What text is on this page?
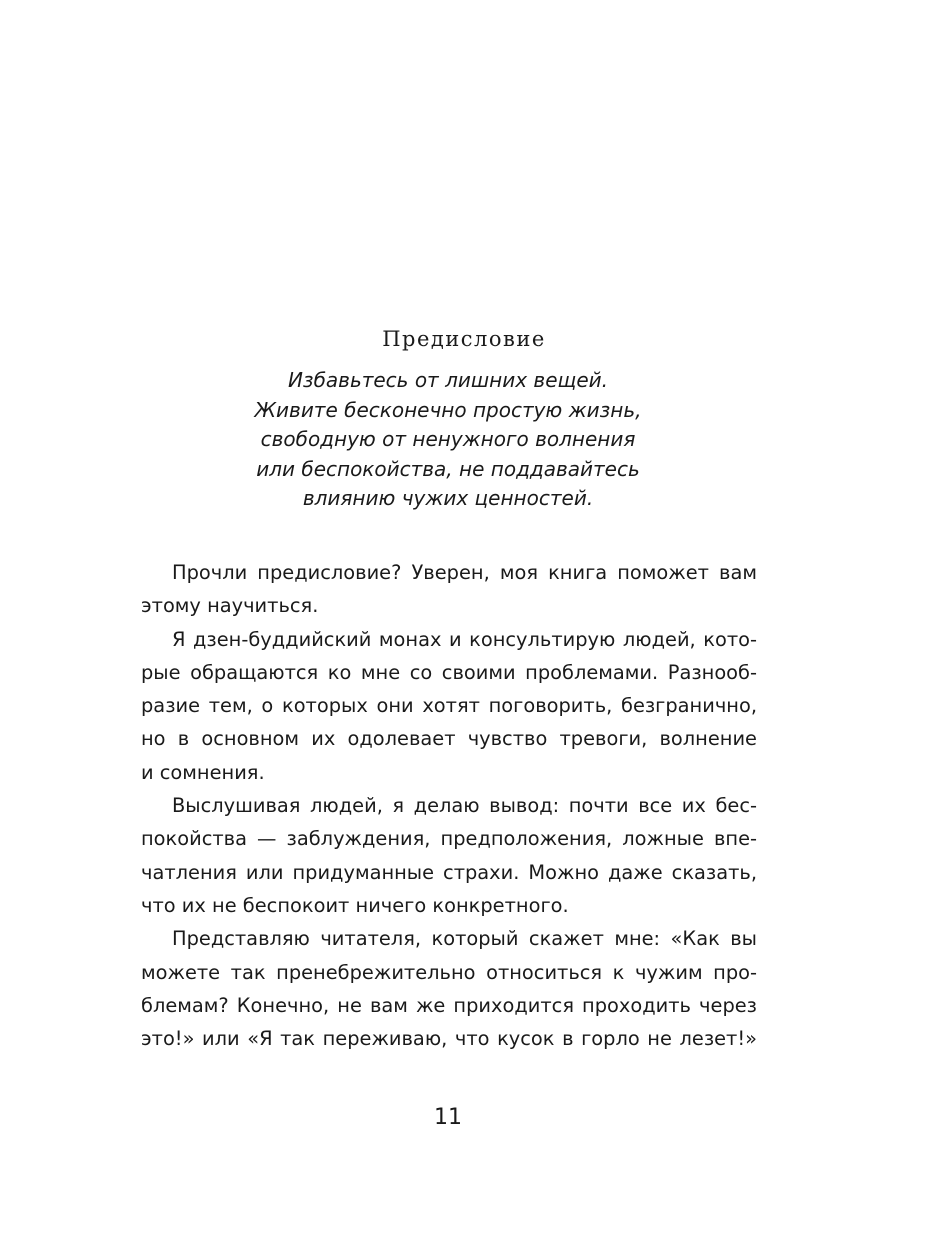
Предисловие
Избавьтесь от лишних вещей.
Живите бесконечно простую жизнь,
свободную от ненужного волнения
или беспокойства, не поддавайтесь
влиянию чужих ценностей.

Прочли предисловие? Уверен, моя книга поможет вам
этому научиться.

Я дзен-буддийский монах и консультирую людей, кото-
рые обращаются ко мне со своими проблемами. Разнооб-
разие тем, о которых они хотят поговорить, безгранично,
но в основном их одолевает чувство тревоги, волнение
и сомнения.

Выслушивая людей, я делаю вывод: почти все их бес-
покойства — заблуждения, предположения, ложные впе-
чатления или придуманные страхи. Можно даже сказать,
что их не беспокоит ничего конкретного.

Представляю читателя, который скажет мне: «Как вы
можете так пренебрежительно относиться к чужим про-
блемам? Конечно, не вам же приходится проходить через
это!» или «Я так переживаю, что кусок в горло не лезет!»

11
